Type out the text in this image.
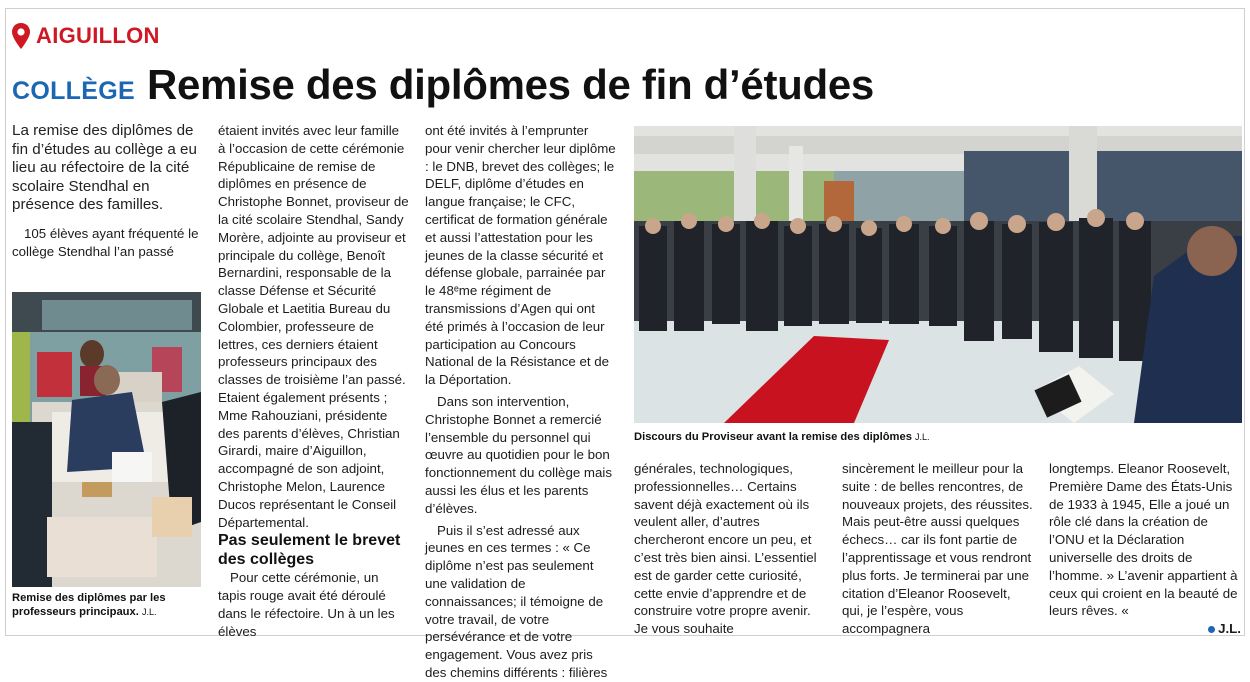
AIGUILLON
COLLÈGE Remise des diplômes de fin d’études

La remise des diplômes de fin d’études au collège a eu lieu au réfectoire de la cité scolaire Stendhal en présence des familles.

105 élèves ayant fréquenté le collège Stendhal l’an passé

Remise des diplômes par les professeurs principaux. J.L.

étaient invités avec leur famille à l’occasion de cette cérémonie Républicaine de remise de diplômes en présence de Christophe Bonnet, proviseur de la cité scolaire Stendhal, Sandy Morère, adjointe au proviseur et principale du collège, Benoît Bernardini, responsable de la classe Défense et Sécurité Globale et Laetitia Bureau du Colombier, professeure de lettres, ces derniers étaient professeurs principaux des classes de troisième l’an passé. Etaient également présents ; Mme Rahouziani, présidente des parents d’élèves, Christian Girardi, maire d’Aiguillon, accompagné de son adjoint, Christophe Melon, Laurence Ducos représentant le Conseil Départemental.

Pas seulement le brevet des collèges

Pour cette cérémonie, un tapis rouge avait été déroulé dans le réfectoire. Un à un les élèves

ont été invités à l’emprunter pour venir chercher leur diplôme : le DNB, brevet des collèges; le DELF, diplôme d’études en langue française; le CFC, certificat de formation générale et aussi l’attestation pour les jeunes de la classe sécurité et défense globale, parrainée par le 48ᵉme régiment de transmissions d’Agen qui ont été primés à l’occasion de leur participation au Concours National de la Résistance et de la Déportation.

Dans son intervention, Christophe Bonnet a remercié l’ensemble du personnel qui œuvre au quotidien pour le bon fonctionnement du collège mais aussi les élus et les parents d’élèves.

Puis il s’est adressé aux jeunes en ces termes : « Ce diplôme n’est pas seulement une validation de connaissances; il témoigne de votre travail, de votre persévérance et de votre engagement. Vous avez pris des chemins différents : filières

Discours du Proviseur avant la remise des diplômes J.L.

générales, technologiques, professionnelles… Certains savent déjà exactement où ils veulent aller, d’autres chercheront encore un peu, et c’est très bien ainsi. L’essentiel est de garder cette curiosité, cette envie d’apprendre et de construire votre propre avenir. Je vous souhaite

sincèrement le meilleur pour la suite : de belles rencontres, de nouveaux projets, des réussites. Mais peut-être aussi quelques échecs… car ils font partie de l’apprentissage et vous rendront plus forts. Je terminerai par une citation d’Eleanor Roosevelt, qui, je l’espère, vous accompagnera

longtemps. Eleanor Roosevelt, Première Dame des États-Unis de 1933 à 1945, Elle a joué un rôle clé dans la création de l’ONU et la Déclaration universelle des droits de l’homme. » L’avenir appartient à ceux qui croient en la beauté de leurs rêves. «

J.L.
